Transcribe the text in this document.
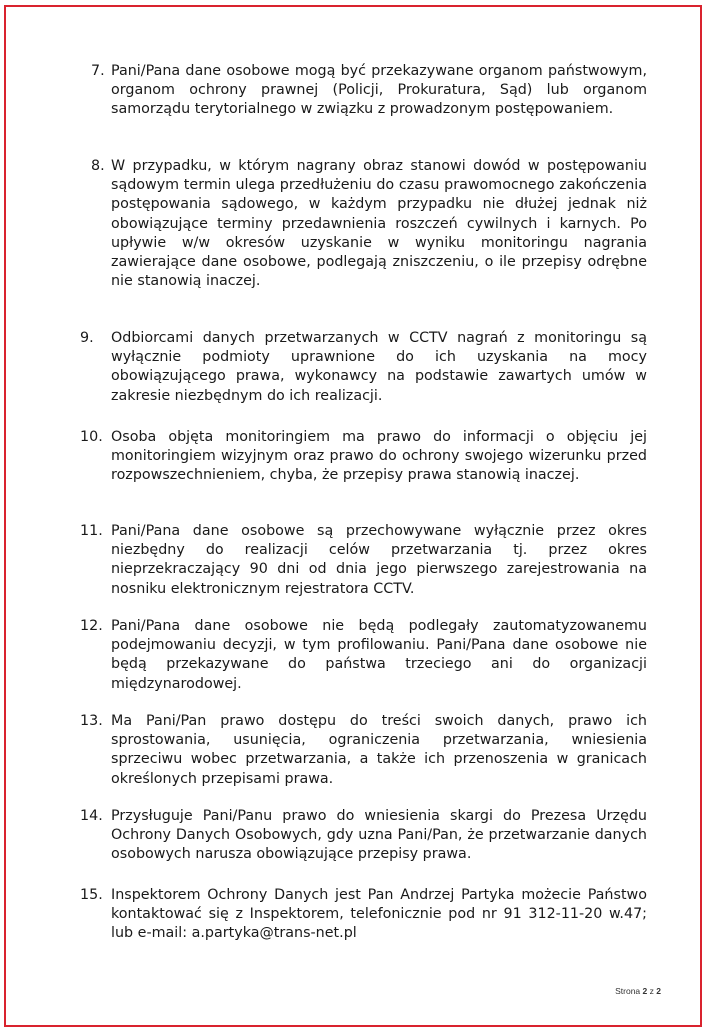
7. Pani/Pana dane osobowe mogą być przekazywane organom państwowym, organom ochrony prawnej (Policji, Prokuratura, Sąd) lub organom samorządu terytorialnego w związku z prowadzonym postępowaniem.
8. W przypadku, w którym nagrany obraz stanowi dowód w postępowaniu sądowym termin ulega przedłużeniu do czasu prawomocnego zakończenia postępowania sądowego, w każdym przypadku nie dłużej jednak niż obowiązujące terminy przedawnienia roszczeń cywilnych i karnych. Po upływie w/w okresów uzyskanie w wyniku monitoringu nagrania zawierające dane osobowe, podlegają zniszczeniu, o ile przepisy odrębne nie stanowią inaczej.
9. Odbiorcami danych przetwarzanych w CCTV nagrań z monitoringu są wyłącznie podmioty uprawnione do ich uzyskania na mocy obowiązującego prawa, wykonawcy na podstawie zawartych umów w zakresie niezbędnym do ich realizacji.
10. Osoba objęta monitoringiem ma prawo do informacji o objęciu jej monitoringiem wizyjnym oraz prawo do ochrony swojego wizerunku przed rozpowszechnieniem, chyba, że przepisy prawa stanowią inaczej.
11. Pani/Pana dane osobowe są przechowywane wyłącznie przez okres niezbędny do realizacji celów przetwarzania tj. przez okres nieprzekraczający 90 dni od dnia jego pierwszego zarejestrowania na nosniku elektronicznym rejestratora CCTV.
12. Pani/Pana dane osobowe nie będą podlegały zautomatyzowanemu podejmowaniu decyzji, w tym profilowaniu. Pani/Pana dane osobowe nie będą przekazywane do państwa trzeciego ani do organizacji międzynarodowej.
13. Ma Pani/Pan prawo dostępu do treści swoich danych, prawo ich sprostowania, usunięcia, ograniczenia przetwarzania, wniesienia sprzeciwu wobec przetwarzania, a także ich przenoszenia w granicach określonych przepisami prawa.
14. Przysługuje Pani/Panu prawo do wniesienia skargi do Prezesa Urzędu Ochrony Danych Osobowych, gdy uzna Pani/Pan, że przetwarzanie danych osobowych narusza obowiązujące przepisy prawa.
15. Inspektorem Ochrony Danych jest Pan Andrzej Partyka możecie Państwo kontaktować się z Inspektorem, telefonicznie pod nr 91 312-11-20 w.47; lub e-mail: a.partyka@trans-net.pl
Strona 2 z 2
